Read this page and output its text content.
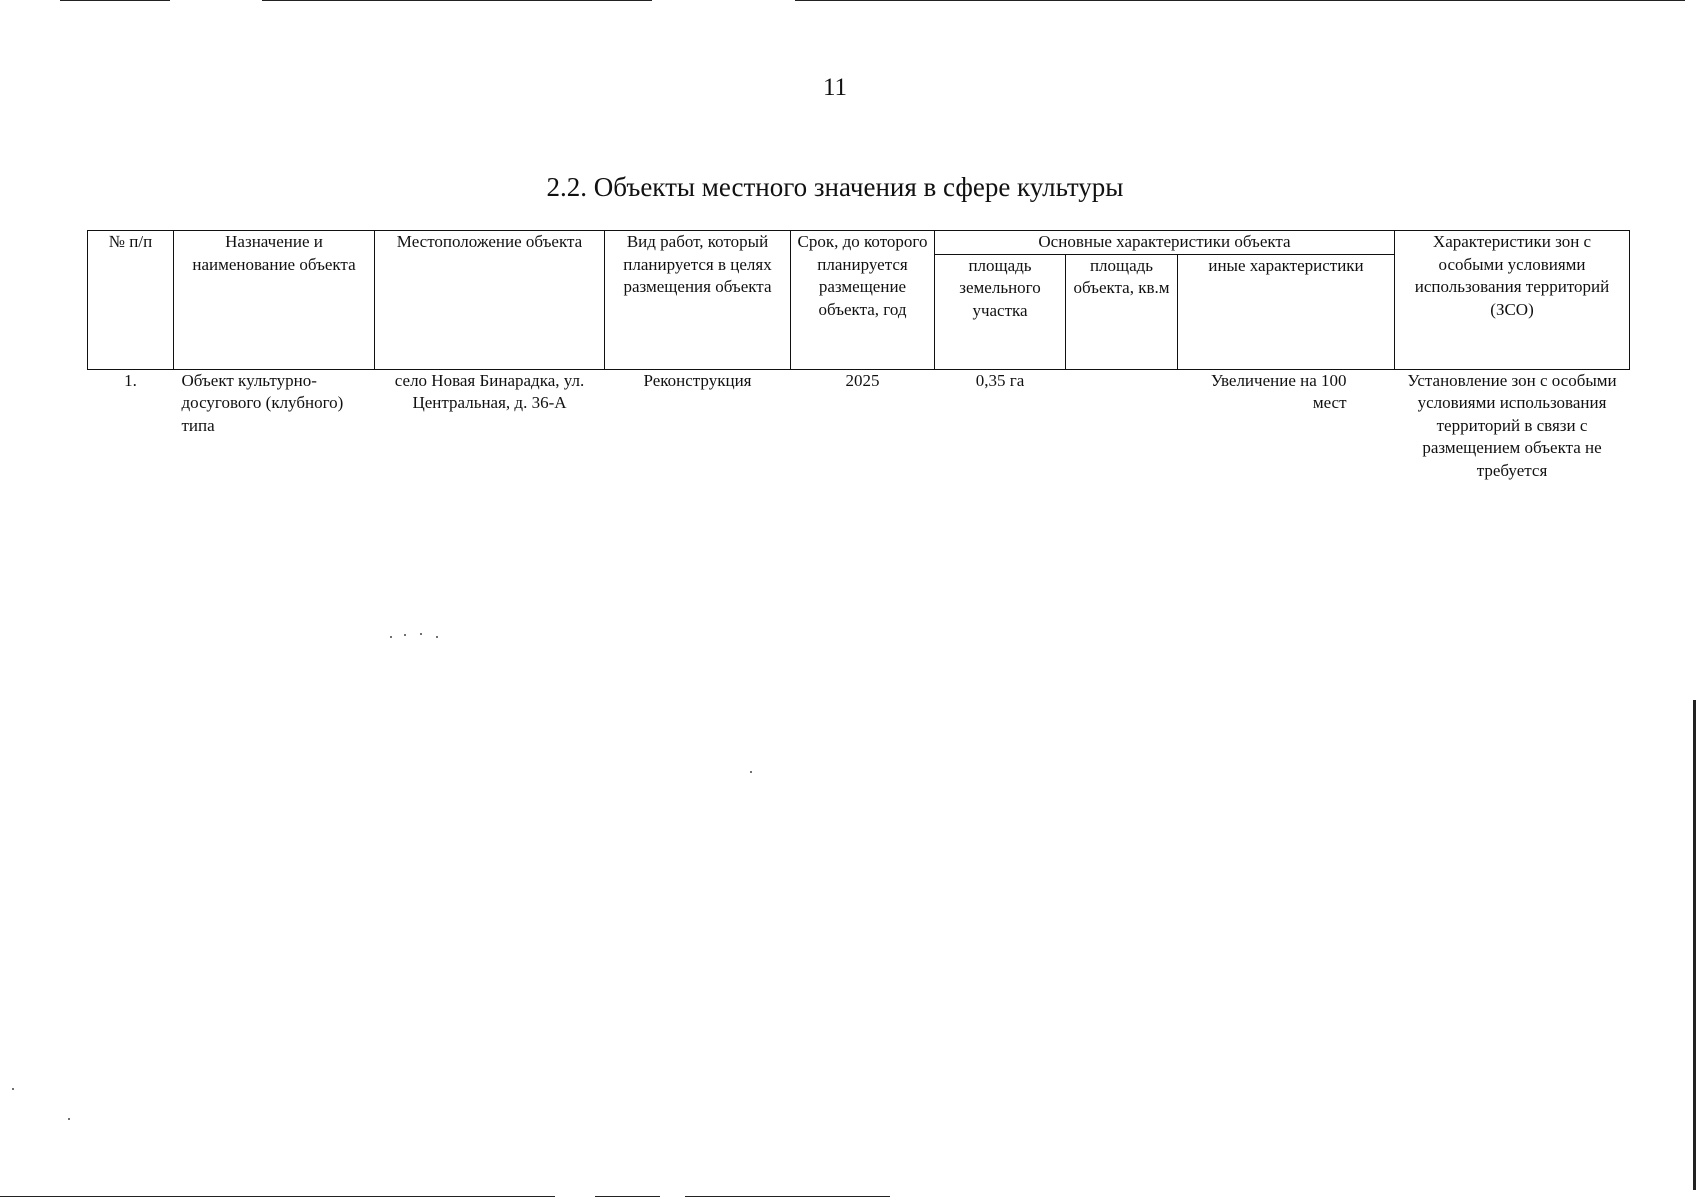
11
2.2. Объекты местного значения в сфере культуры
№ п/п	Назначение и наименование объекта	Местоположение объекта	Вид работ, который планируется в целях размещения объекта	Срок, до которого планируется размещение объекта, год	Основные характеристики объекта			Характеристики зон с особыми условиями использования территорий (ЗСО)
					площадь земельного участка	площадь объекта, кв.м	иные характеристики	
1.	Объект культурно-досугового (клубного) типа	село Новая Бинарадка, ул. Центральная, д. 36-А	Реконструкция	2025	0,35 га		Увеличение на 100 мест	Установление зон с особыми условиями использования территорий в связи с размещением объекта не требуется
